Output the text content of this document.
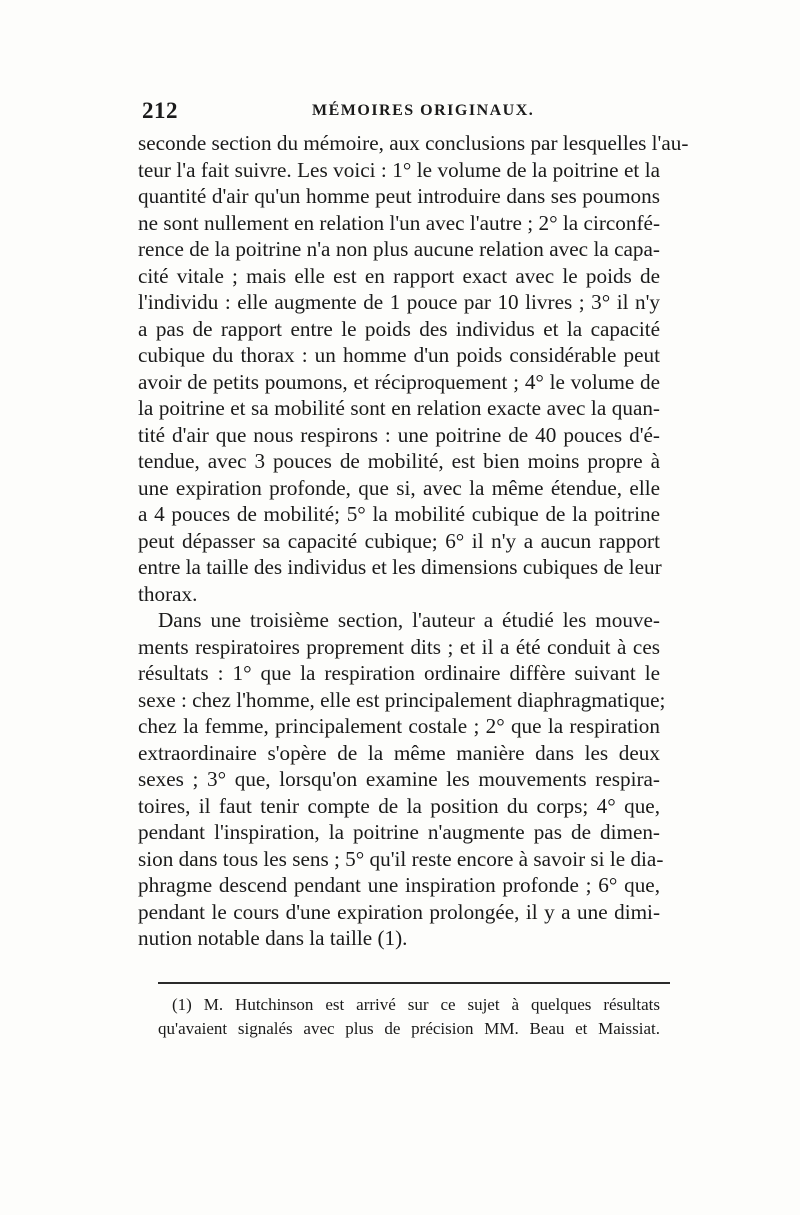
212	MÉMOIRES ORIGINAUX.
seconde section du mémoire, aux conclusions par lesquelles l'au-
teur l'a fait suivre. Les voici : 1° le volume de la poitrine et la
quantité d'air qu'un homme peut introduire dans ses poumons
ne sont nullement en relation l'un avec l'autre ; 2° la circonfé-
rence de la poitrine n'a non plus aucune relation avec la capa-
cité vitale ; mais elle est en rapport exact avec le poids de
l'individu : elle augmente de 1 pouce par 10 livres ; 3° il n'y
a pas de rapport entre le poids des individus et la capacité
cubique du thorax : un homme d'un poids considérable peut
avoir de petits poumons, et réciproquement ; 4° le volume de
la poitrine et sa mobilité sont en relation exacte avec la quan-
tité d'air que nous respirons : une poitrine de 40 pouces d'é-
tendue, avec 3 pouces de mobilité, est bien moins propre à
une expiration profonde, que si, avec la même étendue, elle
a 4 pouces de mobilité; 5° la mobilité cubique de la poitrine
peut dépasser sa capacité cubique; 6° il n'y a aucun rapport
entre la taille des individus et les dimensions cubiques de leur
thorax.
Dans une troisième section, l'auteur a étudié les mouve-
ments respiratoires proprement dits ; et il a été conduit à ces
résultats : 1° que la respiration ordinaire diffère suivant le
sexe : chez l'homme, elle est principalement diaphragmatique;
chez la femme, principalement costale ; 2° que la respiration
extraordinaire s'opère de la même manière dans les deux
sexes ; 3° que, lorsqu'on examine les mouvements respira-
toires, il faut tenir compte de la position du corps; 4° que,
pendant l'inspiration, la poitrine n'augmente pas de dimen-
sion dans tous les sens ; 5° qu'il reste encore à savoir si le dia-
phragme descend pendant une inspiration profonde ; 6° que,
pendant le cours d'une expiration prolongée, il y a une dimi-
nution notable dans la taille (1).
(1) M. Hutchinson est arrivé sur ce sujet à quelques résultats
qu'avaient signalés avec plus de précision MM. Beau et Maissiat.
